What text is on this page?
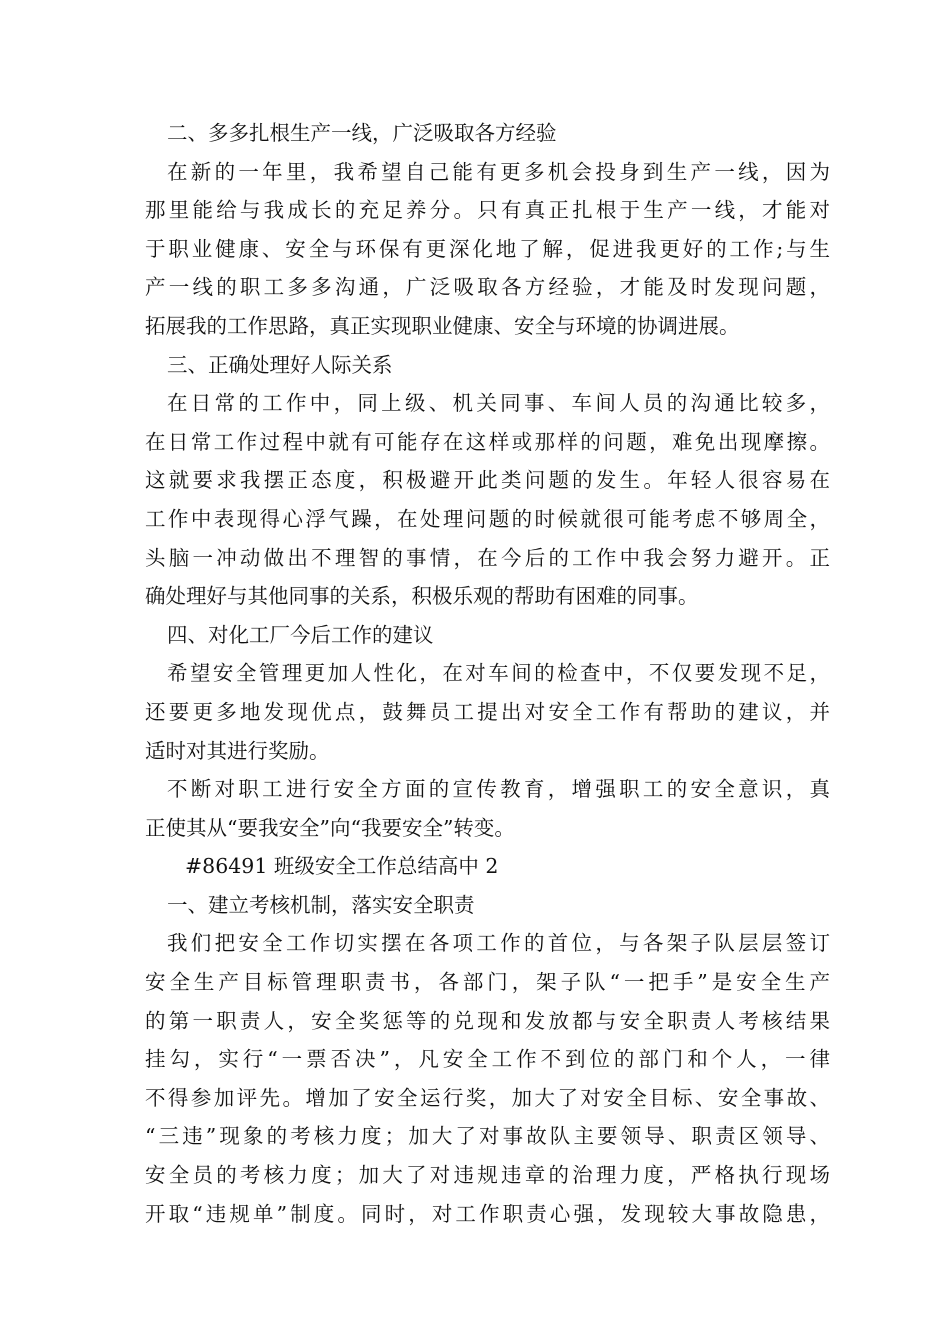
二、多多扎根生产一线，广泛吸取各方经验
在新的一年里，我希望自己能有更多机会投身到生产一线，因为
那里能给与我成长的充足养分。只有真正扎根于生产一线，才能对
于职业健康、安全与环保有更深化地了解，促进我更好的工作;与生
产一线的职工多多沟通，广泛吸取各方经验，才能及时发现问题，
拓展我的工作思路，真正实现职业健康、安全与环境的协调进展。
三、正确处理好人际关系
在日常的工作中，同上级、机关同事、车间人员的沟通比较多，
在日常工作过程中就有可能存在这样或那样的问题，难免出现摩擦。
这就要求我摆正态度，积极避开此类问题的发生。年轻人很容易在
工作中表现得心浮气躁，在处理问题的时候就很可能考虑不够周全，
头脑一冲动做出不理智的事情，在今后的工作中我会努力避开。正
确处理好与其他同事的关系，积极乐观的帮助有困难的同事。
四、对化工厂今后工作的建议
希望安全管理更加人性化，在对车间的检查中，不仅要发现不足，
还要更多地发现优点，鼓舞员工提出对安全工作有帮助的建议，并
适时对其进行奖励。
不断对职工进行安全方面的宣传教育，增强职工的安全意识，真
正使其从“要我安全”向“我要安全”转变。
#86491 班级安全工作总结高中 2
一、建立考核机制，落实安全职责
我们把安全工作切实摆在各项工作的首位，与各架子队层层签订
安全生产目标管理职责书，各部门，架子队“一把手”是安全生产
的第一职责人，安全奖惩等的兑现和发放都与安全职责人考核结果
挂勾，实行“一票否决”，凡安全工作不到位的部门和个人，一律
不得参加评先。增加了安全运行奖，加大了对安全目标、安全事故、
“三违”现象的考核力度；加大了对事故队主要领导、职责区领导、
安全员的考核力度；加大了对违规违章的治理力度，严格执行现场
开取“违规单”制度。同时，对工作职责心强，发现较大事故隐患，
